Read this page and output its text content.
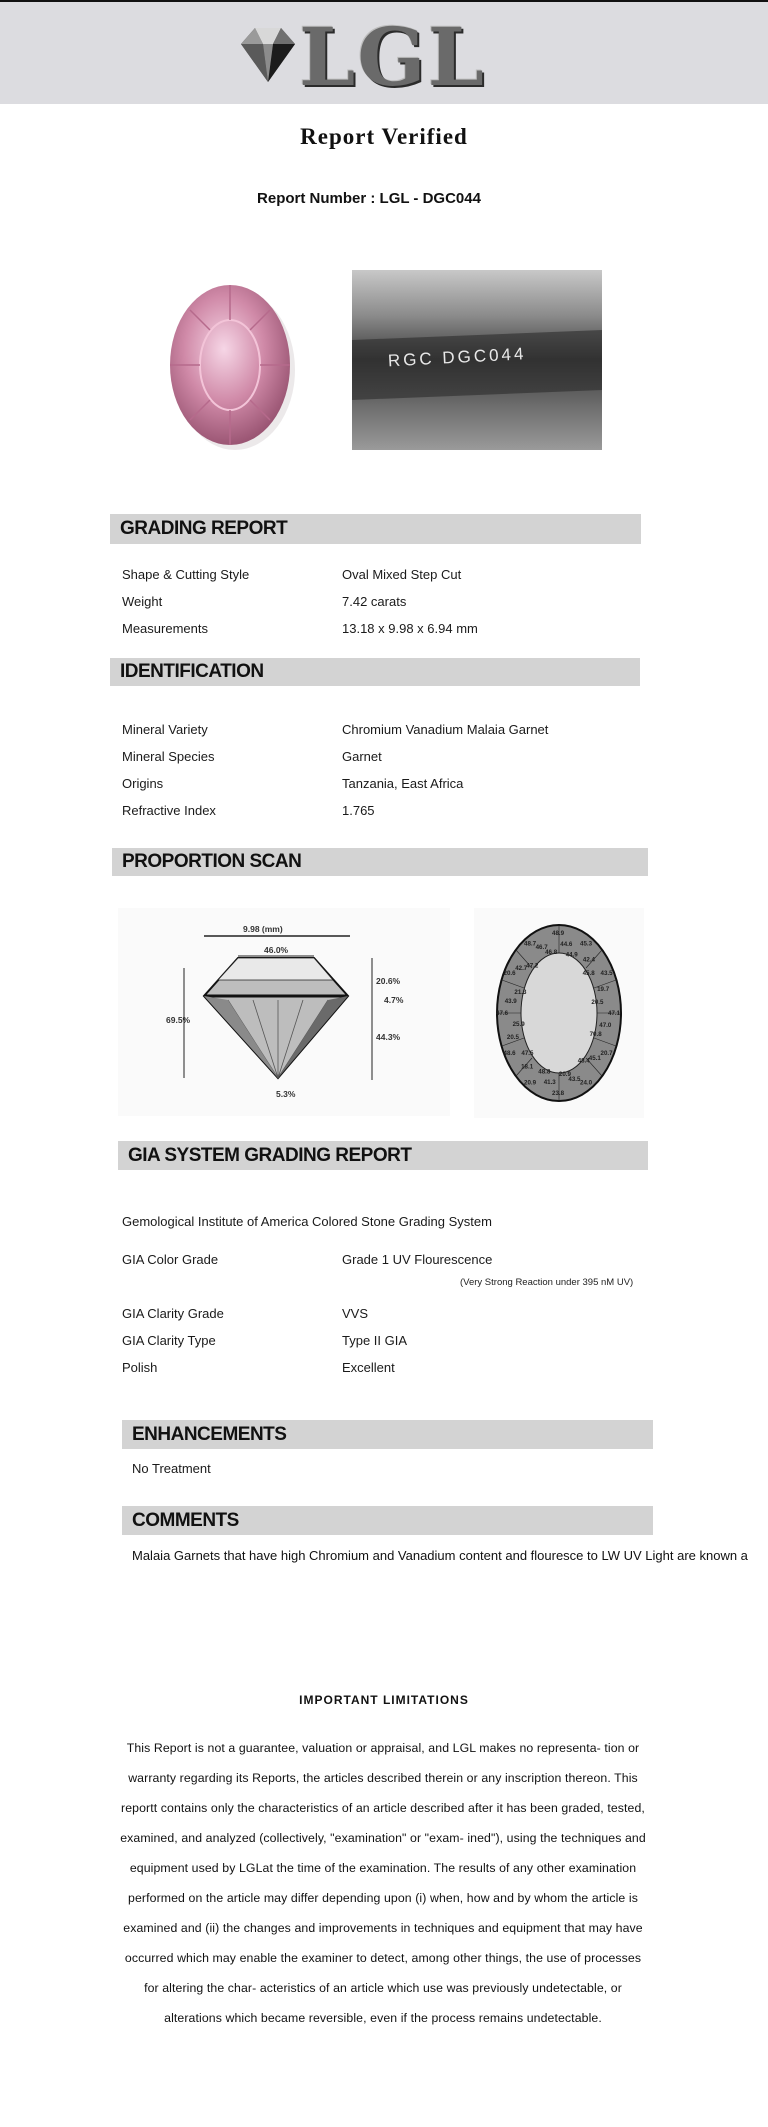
LGL
Report Verified
Report Number : LGL - DGC044
RGC DGC044
GRADING REPORT
Shape & Cutting Style	Oval Mixed Step Cut
Weight	7.42 carats
Measurements	13.18 x 9.98 x 6.94 mm
IDENTIFICATION
Mineral Variety	Chromium Vanadium Malaia Garnet
Mineral Species	Garnet
Origins	Tanzania, East Africa
Refractive Index	1.765
PROPORTION SCAN
9.98 (mm)
46.0%
69.5%
20.6%
4.7%
44.3%
5.3%
48.9
44.6
44.9
45.3
42.4
45.8 43.5
19.7
20.5
47.1
47.0
70.8
20.7
45.1
48.4
24.0
43.5
20.9
23.8
41.3
48.8
20.9
18.1
47.5
48.6
20.5
25.9
47.6
43.9
21.3
20.6
42.7 47.2
48.7 46.7
46.8
GIA SYSTEM GRADING REPORT
Gemological Institute of America Colored Stone Grading System
GIA Color Grade	Grade 1 UV Flourescence
(Very Strong Reaction under 395 nM UV)
GIA Clarity Grade	VVS
GIA Clarity Type	Type II GIA
Polish	Excellent
ENHANCEMENTS
No Treatment
COMMENTS
Malaia Garnets that have high Chromium and Vanadium content and flouresce to LW UV Light are known a
IMPORTANT LIMITATIONS
This Report is not a guarantee, valuation or appraisal, and LGL makes no representa- tion or warranty regarding its Reports, the articles described therein or any inscription thereon. This reportt contains only the characteristics of an article described after it has been graded, tested, examined, and analyzed (collectively, "examination" or "exam- ined"), using the techniques and equipment used by LGLat the time of the examination. The results of any other examination performed on the article may differ depending upon (i) when, how and by whom the article is examined and (ii) the changes and improvements in techniques and equipment that may have occurred which may enable the examiner to detect, among other things, the use of processes for altering the char- acteristics of an article which use was previously undetectable, or alterations which became reversible, even if the process remains undetectable.
